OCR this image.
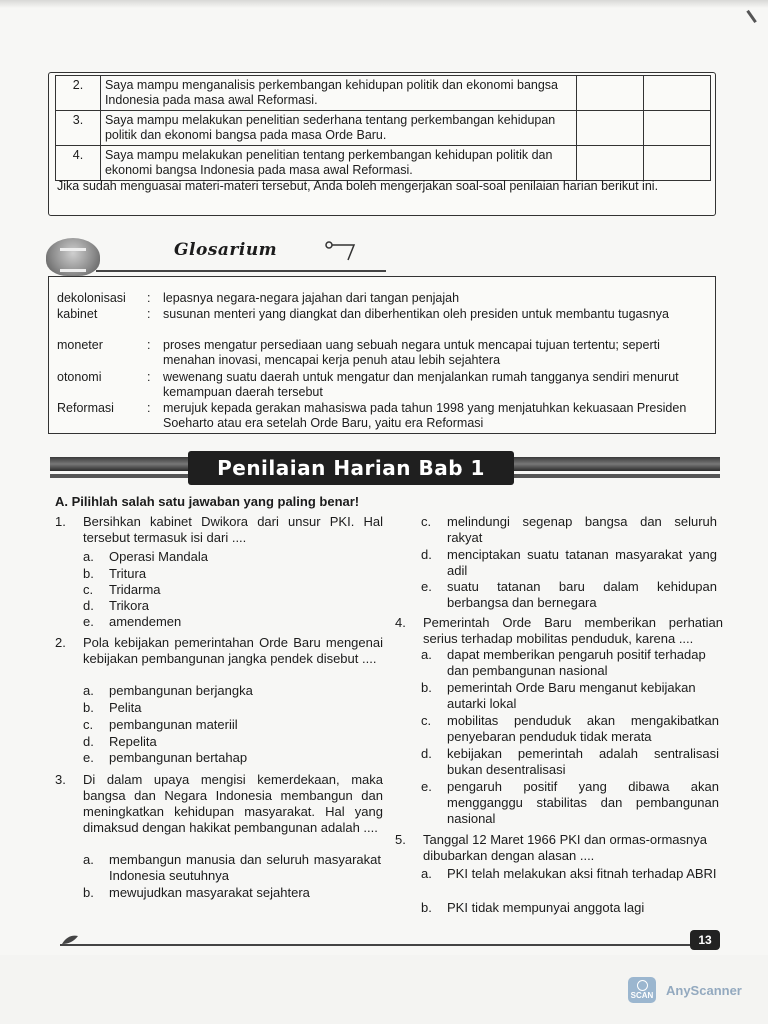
2.	Saya mampu menganalisis perkembangan kehidupan politik dan ekonomi bangsa Indonesia pada masa awal Reformasi.		
3.	Saya mampu melakukan penelitian sederhana tentang perkembangan kehidupan politik dan ekonomi bangsa pada masa Orde Baru.		
4.	Saya mampu melakukan penelitian tentang perkembangan kehidupan politik dan ekonomi bangsa Indonesia pada masa awal Reformasi.		
Jika sudah menguasai materi-materi tersebut, Anda boleh mengerjakan soal-soal penilaian harian berikut ini.
Glosarium
dekolonisasi	: lepasnya negara-negara jajahan dari tangan penjajah
kabinet	: susunan menteri yang diangkat dan diberhentikan oleh presiden untuk membantu tugasnya
moneter	: proses mengatur persediaan uang sebuah negara untuk mencapai tujuan tertentu; seperti menahan inovasi, mencapai kerja penuh atau lebih sejahtera
otonomi	: wewenang suatu daerah untuk mengatur dan menjalankan rumah tangganya sendiri menurut kemampuan daerah tersebut
Reformasi	: merujuk kepada gerakan mahasiswa pada tahun 1998 yang menjatuhkan kekuasaan Presiden Soeharto atau era setelah Orde Baru, yaitu era Reformasi
Penilaian Harian Bab 1
A. Pilihlah salah satu jawaban yang paling benar!
1. Bersihkan kabinet Dwikora dari unsur PKI. Hal tersebut termasuk isi dari ....
a. Operasi Mandala
b. Tritura
c. Tridarma
d. Trikora
e. amendemen
2. Pola kebijakan pemerintahan Orde Baru mengenai kebijakan pembangunan jangka pendek disebut ....
a. pembangunan berjangka
b. Pelita
c. pembangunan materiil
d. Repelita
e. pembangunan bertahap
3. Di dalam upaya mengisi kemerdekaan, maka bangsa dan Negara Indonesia membangun dan meningkatkan kehidupan masyarakat. Hal yang dimaksud dengan hakikat pembangunan adalah ....
a. membangun manusia dan seluruh masyarakat Indonesia seutuhnya
b. mewujudkan masyarakat sejahtera
c. melindungi segenap bangsa dan seluruh rakyat
d. menciptakan suatu tatanan masyarakat yang adil
e. suatu tatanan baru dalam kehidupan berbangsa dan bernegara
4. Pemerintah Orde Baru memberikan perhatian serius terhadap mobilitas penduduk, karena ....
a. dapat memberikan pengaruh positif terhadap dan pembangunan nasional
b. pemerintah Orde Baru menganut kebijakan autarki lokal
c. mobilitas penduduk akan mengakibatkan penyebaran penduduk tidak merata
d. kebijakan pemerintah adalah sentralisasi bukan desentralisasi
e. pengaruh positif yang dibawa akan mengganggu stabilitas dan pembangunan nasional
5. Tanggal 12 Maret 1966 PKI dan ormas-ormasnya dibubarkan dengan alasan ....
a. PKI telah melakukan aksi fitnah terhadap ABRI
b. PKI tidak mempunyai anggota lagi
13
SCAN AnyScanner
